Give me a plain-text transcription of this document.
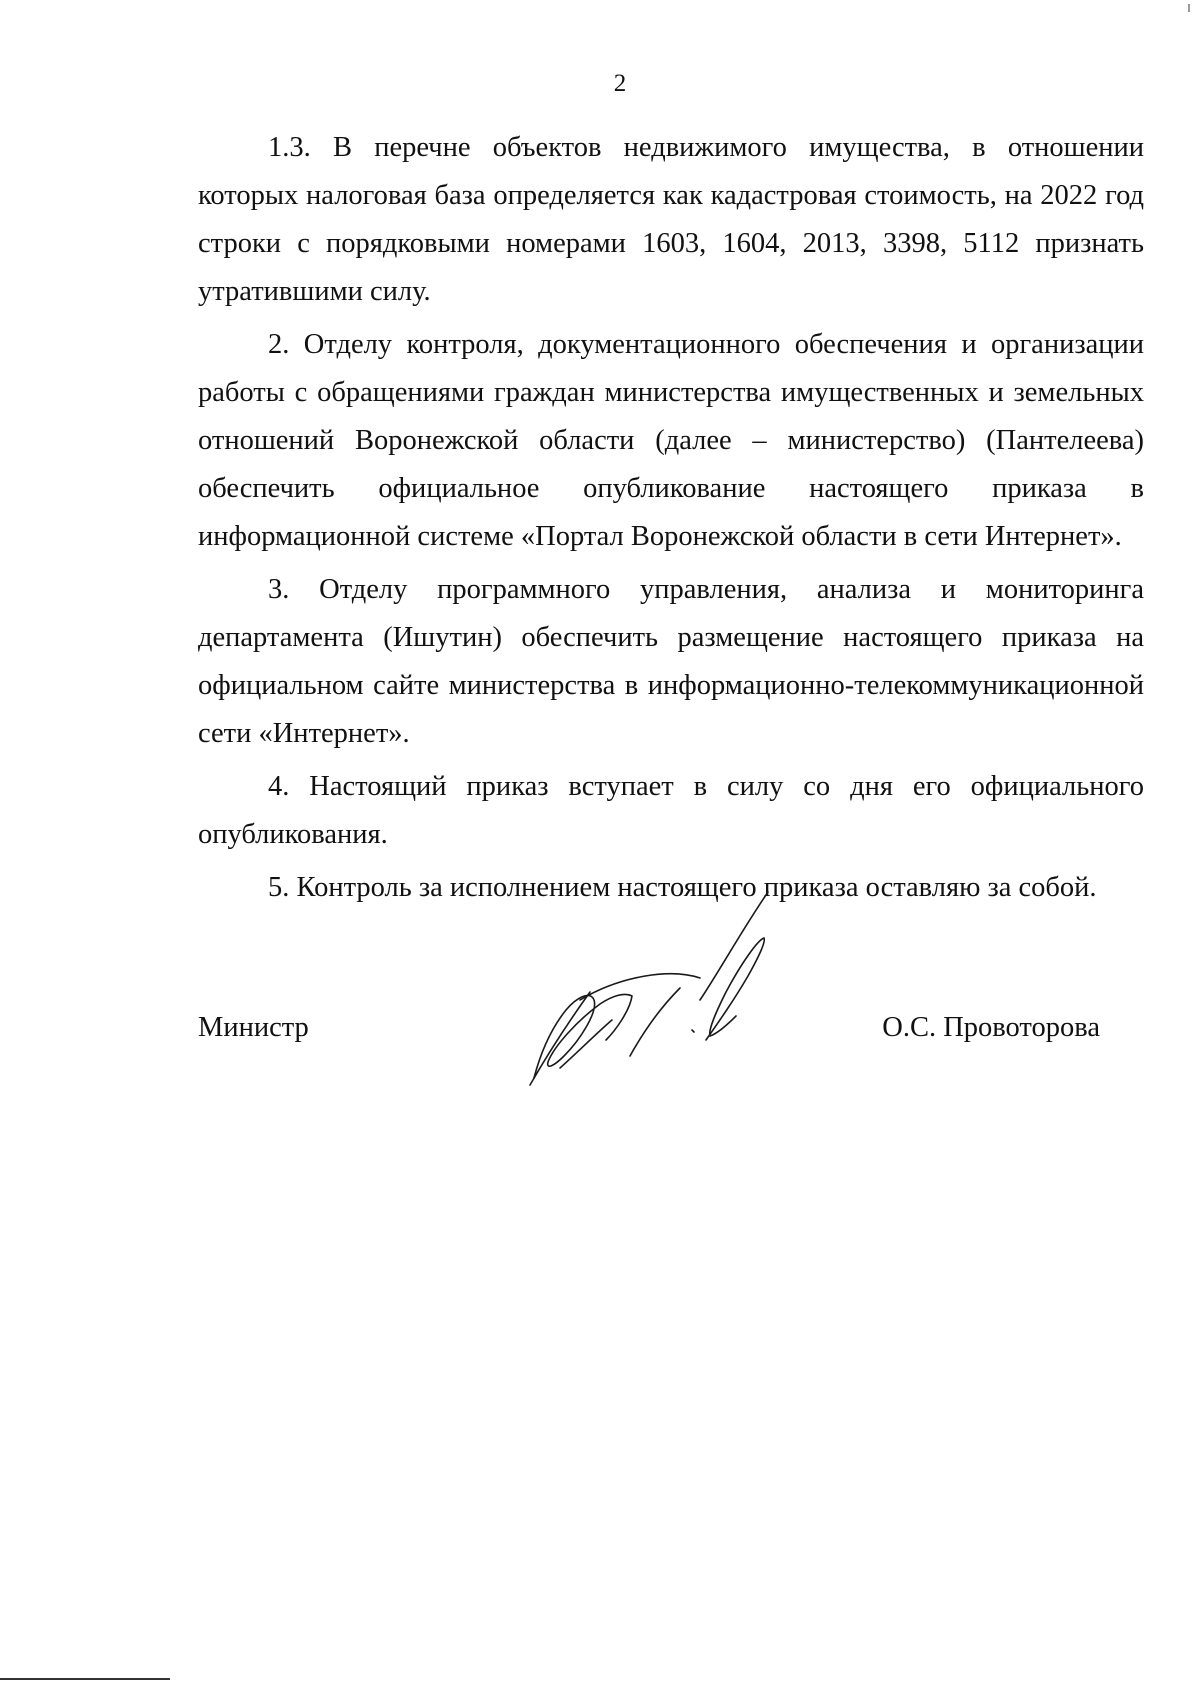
2

1.3. В перечне объектов недвижимого имущества, в отношении которых налоговая база определяется как кадастровая стоимость, на 2022 год строки с порядковыми номерами 1603, 1604, 2013, 3398, 5112 признать утратившими силу.

2. Отделу контроля, документационного обеспечения и организации работы с обращениями граждан министерства имущественных и земельных отношений Воронежской области (далее – министерство) (Пантелеева) обеспечить официальное опубликование настоящего приказа в информационной системе «Портал Воронежской области в сети Интернет».

3. Отделу программного управления, анализа и мониторинга департамента (Ишутин) обеспечить размещение настоящего приказа на официальном сайте министерства в информационно-телекоммуникационной сети «Интернет».

4. Настоящий приказ вступает в силу со дня его официального опубликования.

5. Контроль за исполнением настоящего приказа оставляю за собой.

Министр	О.С. Провоторова
